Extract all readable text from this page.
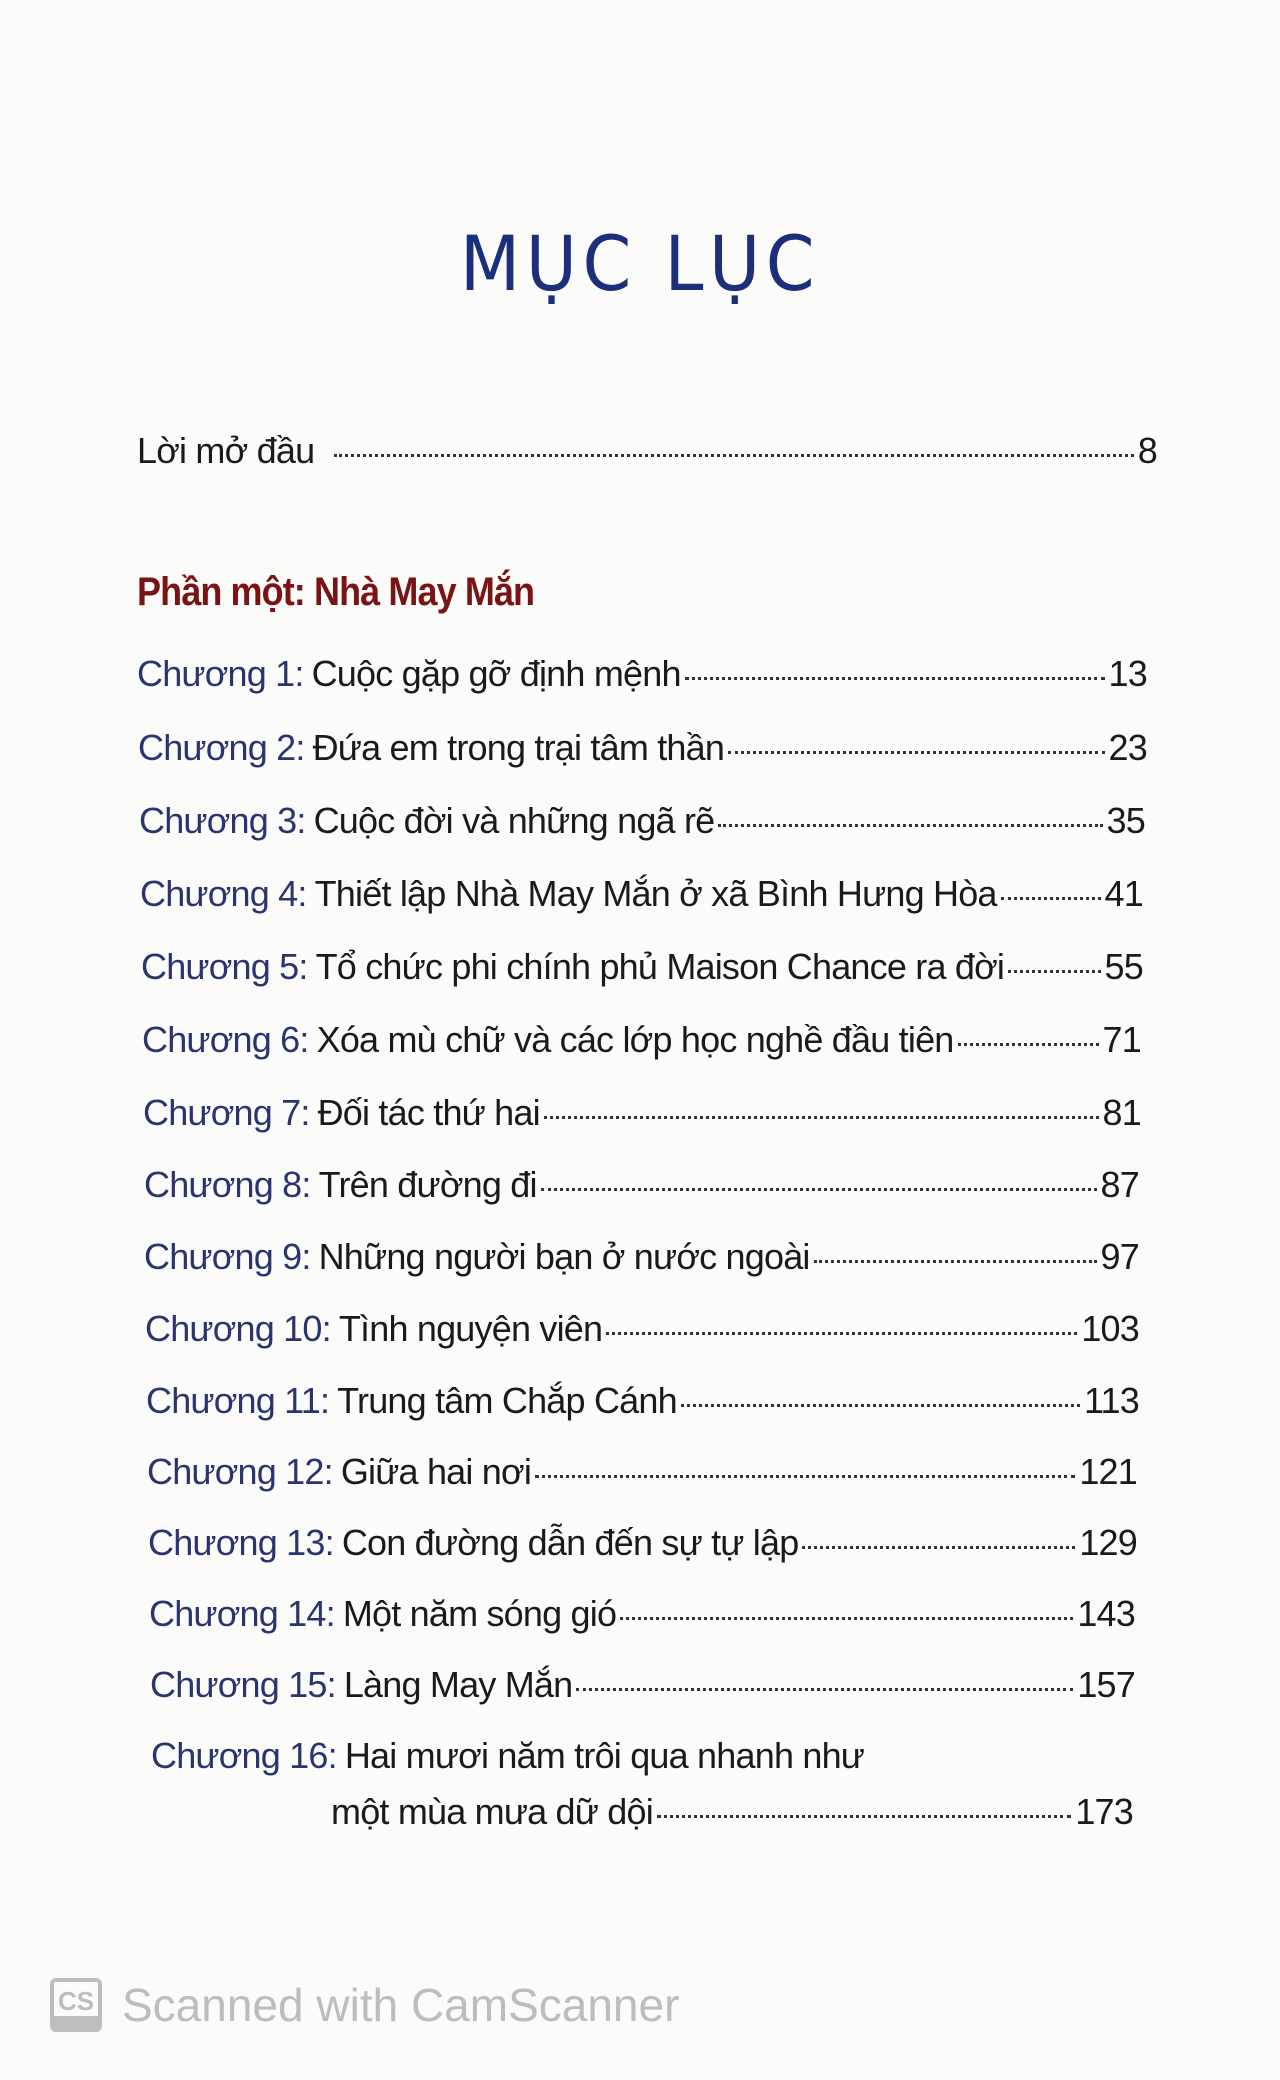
MỤC LỤC
Lời mở đầu	8
Phần một: Nhà May Mắn
Chương 1: Cuộc gặp gỡ định mệnh	13
Chương 2: Đứa em trong trại tâm thần	23
Chương 3: Cuộc đời và những ngã rẽ	35
Chương 4: Thiết lập Nhà May Mắn ở xã Bình Hưng Hòa	41
Chương 5: Tổ chức phi chính phủ Maison Chance ra đời	55
Chương 6: Xóa mù chữ và các lớp học nghề đầu tiên	71
Chương 7: Đối tác thứ hai	81
Chương 8: Trên đường đi	87
Chương 9: Những người bạn ở nước ngoài	97
Chương 10: Tình nguyện viên	103
Chương 11: Trung tâm Chắp Cánh	113
Chương 12: Giữa hai nơi	121
Chương 13: Con đường dẫn đến sự tự lập	129
Chương 14: Một năm sóng gió	143
Chương 15: Làng May Mắn	157
Chương 16: Hai mươi năm trôi qua nhanh như
một mùa mưa dữ dội	173
CS Scanned with CamScanner
